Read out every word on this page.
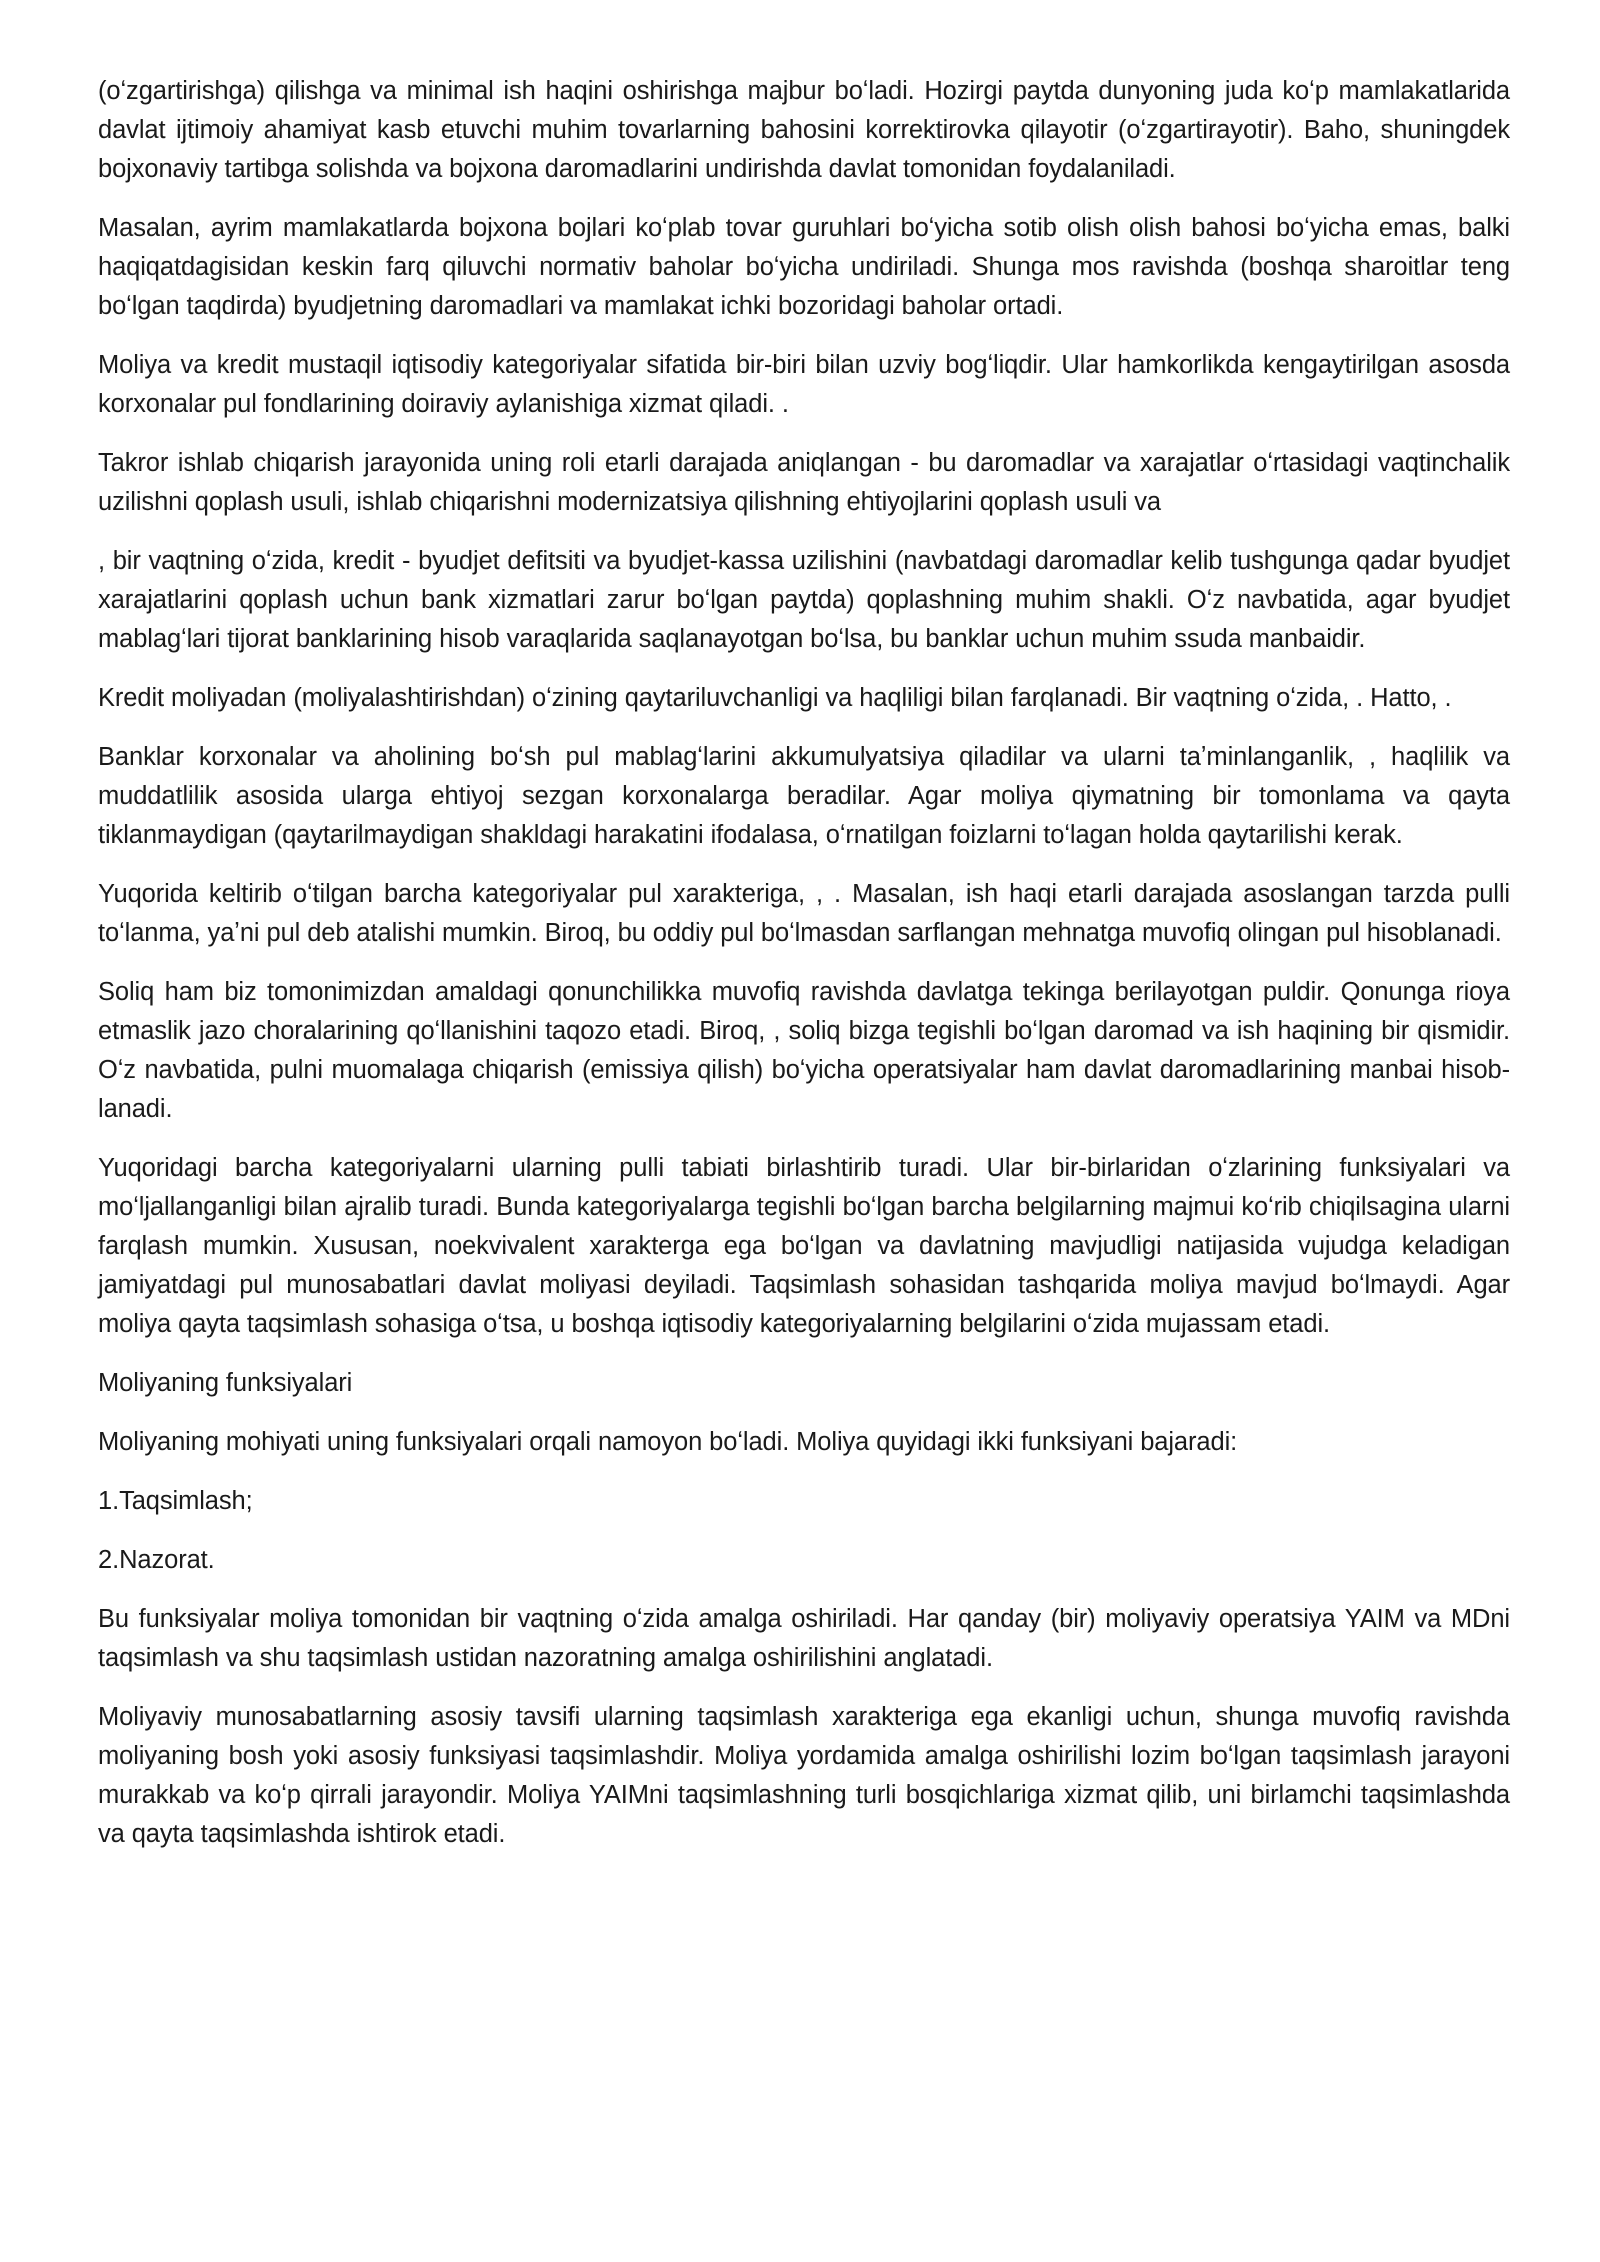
(oʻzgartirishga) qilishga va minimal ish haqini oshirishga majbur boʻladi. Hozirgi paytda dunyoning juda koʻp mamlakatlarida davlat ijtimoiy ahamiyat kasb etuvchi muhim tovarlarning bahosini korrektirovka qilayotir (oʻzgartirayotir). Baho, shuningdek bojxonaviy tartibga solishda va bojxona daromadlarini undirishda davlat tomonidan foydalaniladi.

Masalan, ayrim mamlakatlarda bojxona bojlari koʻplab tovar guruhlari boʻyicha sotib olish olish bahosi boʻyicha emas, balki haqiqatdagisidan keskin farq qiluvchi normativ baholar boʻyicha undiriladi. Shunga mos ravishda (boshqa sharoitlar teng boʻlgan taqdirda) byudjetning daromadlari va mamlakat ichki bozoridagi baholar ortadi.

Moliya va kredit mustaqil iqtisodiy kategoriyalar sifatida bir-biri bilan uzviy bogʻliqdir. Ular hamkorlikda kengaytirilgan asosda korxonalar pul fondlarining doiraviy aylanishiga xizmat qiladi. .

Takror ishlab chiqarish jarayonida uning roli etarli darajada aniqlangan - bu daromadlar va xarajatlar oʻrtasidagi vaqtinchalik uzilishni qoplash usuli, ishlab chiqarishni modernizatsiya qilishning ehtiyojlarini qoplash usuli va

, bir vaqtning oʻzida, kredit - byudjet defitsiti va byudjet-kassa uzilishini (navbatdagi daromadlar kelib tushgunga qadar byudjet xarajatlarini qoplash uchun bank xizmatlari zarur boʻlgan paytda) qoplashning muhim shakli. Oʻz navbatida, agar byudjet mablagʻlari tijorat banklarining hisob varaqlarida saqlanayotgan boʻlsa, bu banklar uchun muhim ssuda manbaidir.

Kredit moliyadan (moliyalashtirishdan) oʻzining qaytariluvchanligi va haqliligi bilan farqlanadi. Bir vaqtning oʻzida, . Hatto, .

Banklar korxonalar va aholining boʻsh pul mablagʻlarini akkumulyatsiya qiladilar va ularni taʼminlanganlik, , haqlilik va muddatlilik asosida ularga ehtiyoj sezgan korxonalarga beradilar. Agar moliya qiymatning bir tomonlama va qayta tiklanmaydigan (qaytarilmaydigan shakldagi harakatini ifodalasa, oʻrnatilgan foizlarni toʻlagan holda qaytarilishi kerak.

Yuqorida keltirib oʻtilgan barcha kategoriyalar pul xarakteriga, , . Masalan, ish haqi etarli darajada asoslangan tarzda pulli toʻlanma, yaʼni pul deb atalishi mumkin. Biroq, bu oddiy pul boʻlmasdan sarflangan mehnatga muvofiq olingan pul hisoblanadi.

Soliq ham biz tomonimizdan amaldagi qonunchilikka muvofiq ravishda davlatga tekinga berilayotgan puldir. Qonunga rioya etmaslik jazo choralarining qoʻllanishini taqozo etadi. Biroq, , soliq bizga tegishli boʻlgan daromad va ish haqining bir qismidir. Oʻz navbatida, pulni muomalaga chiqarish (emissiya qilish) boʻyicha operatsiyalar ham davlat daromadlarining manbai hisob- lanadi.

Yuqoridagi barcha kategoriyalarni ularning pulli tabiati birlashtirib turadi. Ular bir-birlaridan oʻzlarining funksiyalari va moʻljallanganligi bilan ajralib turadi. Bunda kategoriyalarga tegishli boʻlgan barcha belgilarning majmui koʻrib chiqilsagina ularni farqlash mumkin. Xususan, noekvivalent xarakterga ega boʻlgan va davlatning mavjudligi natijasida vujudga keladigan jamiyatdagi pul munosabatlari davlat moliyasi deyiladi. Taqsimlash sohasidan tashqarida moliya mavjud boʻlmaydi. Agar moliya qayta taqsimlash sohasiga oʻtsa, u boshqa iqtisodiy kategoriyalarning belgilarini oʻzida mujassam etadi.

Moliyaning funksiyalari

Moliyaning mohiyati uning funksiyalari orqali namoyon boʻladi. Moliya quyidagi ikki funksiyani bajaradi:

1.Taqsimlash;

2.Nazorat.

Bu funksiyalar moliya tomonidan bir vaqtning oʻzida amalga oshiriladi. Har qanday (bir) moliyaviy operatsiya YAIM va MDni taqsimlash va shu taqsimlash ustidan nazoratning amalga oshirilishini anglatadi.

Moliyaviy munosabatlarning asosiy tavsifi ularning taqsimlash xarakteriga ega ekanligi uchun, shunga muvofiq ravishda moliyaning bosh yoki asosiy funksiyasi taqsimlashdir. Moliya yordamida amalga oshirilishi lozim boʻlgan taqsimlash jarayoni murakkab va koʻp qirrali jarayondir. Moliya YAIMni taqsimlashning turli bosqichlariga xizmat qilib, uni birlamchi taqsimlashda va qayta taqsimlashda ishtirok etadi.
